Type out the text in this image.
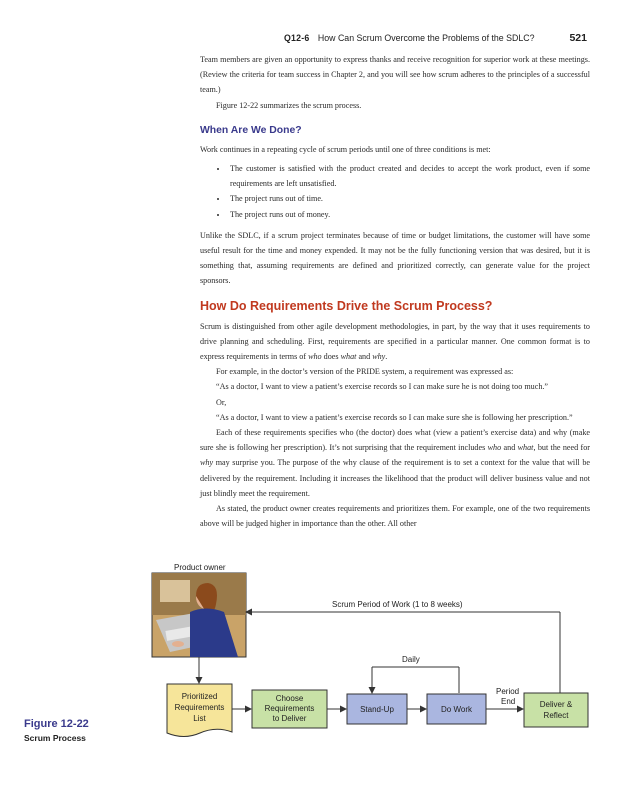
Q12-6 How Can Scrum Overcome the Problems of the SDLC?	521

Team members are given an opportunity to express thanks and receive recognition for superior work at these meetings. (Review the criteria for team success in Chapter 2, and you will see how scrum adheres to the principles of a successful team.)

Figure 12-22 summarizes the scrum process.

When Are We Done?

Work continues in a repeating cycle of scrum periods until one of three conditions is met:

• The customer is satisfied with the product created and decides to accept the work product, even if some requirements are left unsatisfied.
• The project runs out of time.
• The project runs out of money.

Unlike the SDLC, if a scrum project terminates because of time or budget limitations, the customer will have some useful result for the time and money expended. It may not be the fully functioning version that was desired, but it is something that, assuming requirements are defined and prioritized correctly, can generate value for the project sponsors.

How Do Requirements Drive the Scrum Process?

Scrum is distinguished from other agile development methodologies, in part, by the way that it uses requirements to drive planning and scheduling. First, requirements are specified in a particular manner. One common format is to express requirements in terms of who does what and why.

For example, in the doctor’s version of the PRIDE system, a requirement was expressed as:

“As a doctor, I want to view a patient’s exercise records so I can make sure he is not doing too much.”

Or,

“As a doctor, I want to view a patient’s exercise records so I can make sure she is following her prescription.”

Each of these requirements specifies who (the doctor) does what (view a patient’s exercise data) and why (make sure she is following her prescription). It’s not surprising that the requirement includes who and what, but the need for why may surprise you. The purpose of the why clause of the requirement is to set a context for the value that will be delivered by the requirement. Including it increases the likelihood that the product will deliver business value and not just blindly meet the requirement.

As stated, the product owner creates requirements and prioritizes them. For example, one of the two requirements above will be judged higher in importance than the other. All other

Product owner
Scrum Period of Work (1 to 8 weeks)
Daily
Period
End
Prioritized
Requirements
List
Choose
Requirements
to Deliver
Stand-Up	Do Work
Deliver &
Reflect
Figure 12-22
Scrum Process
